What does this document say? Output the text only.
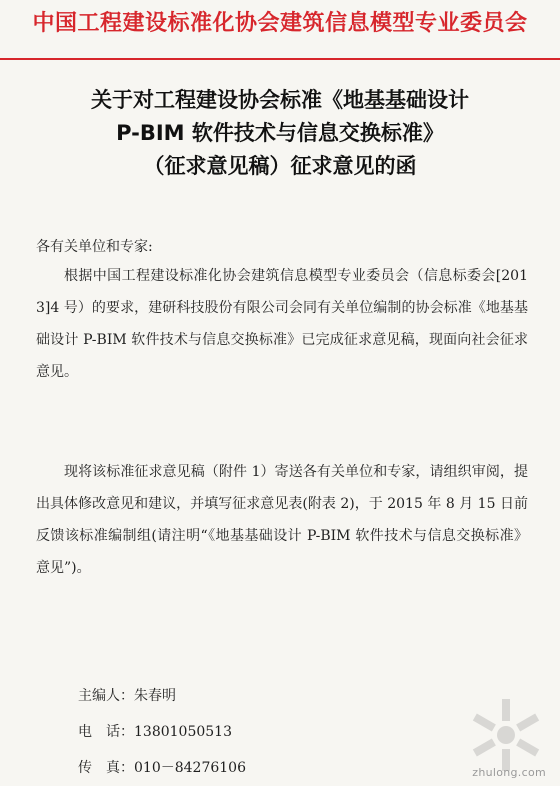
中国工程建设标准化协会建筑信息模型专业委员会
关于对工程建设协会标准《地基基础设计
P-BIM 软件技术与信息交换标准》
（征求意见稿）征求意见的函
各有关单位和专家:
根据中国工程建设标准化协会建筑信息模型专业委员会（信息标委会[2013]4 号）的要求，建研科技股份有限公司会同有关单位编制的协会标准《地基基础设计 P-BIM 软件技术与信息交换标准》已完成征求意见稿，现面向社会征求意见。
现将该标准征求意见稿（附件 1）寄送各有关单位和专家，请组织审阅，提出具体修改意见和建议，并填写征求意见表(附表 2)，于 2015 年 8 月 15 日前反馈该标准编制组(请注明“《地基基础设计 P-BIM 软件技术与信息交换标准》意见”)。
主编人：朱春明
电　话：13801050513
传　真：010－84276106	zhulong.com
